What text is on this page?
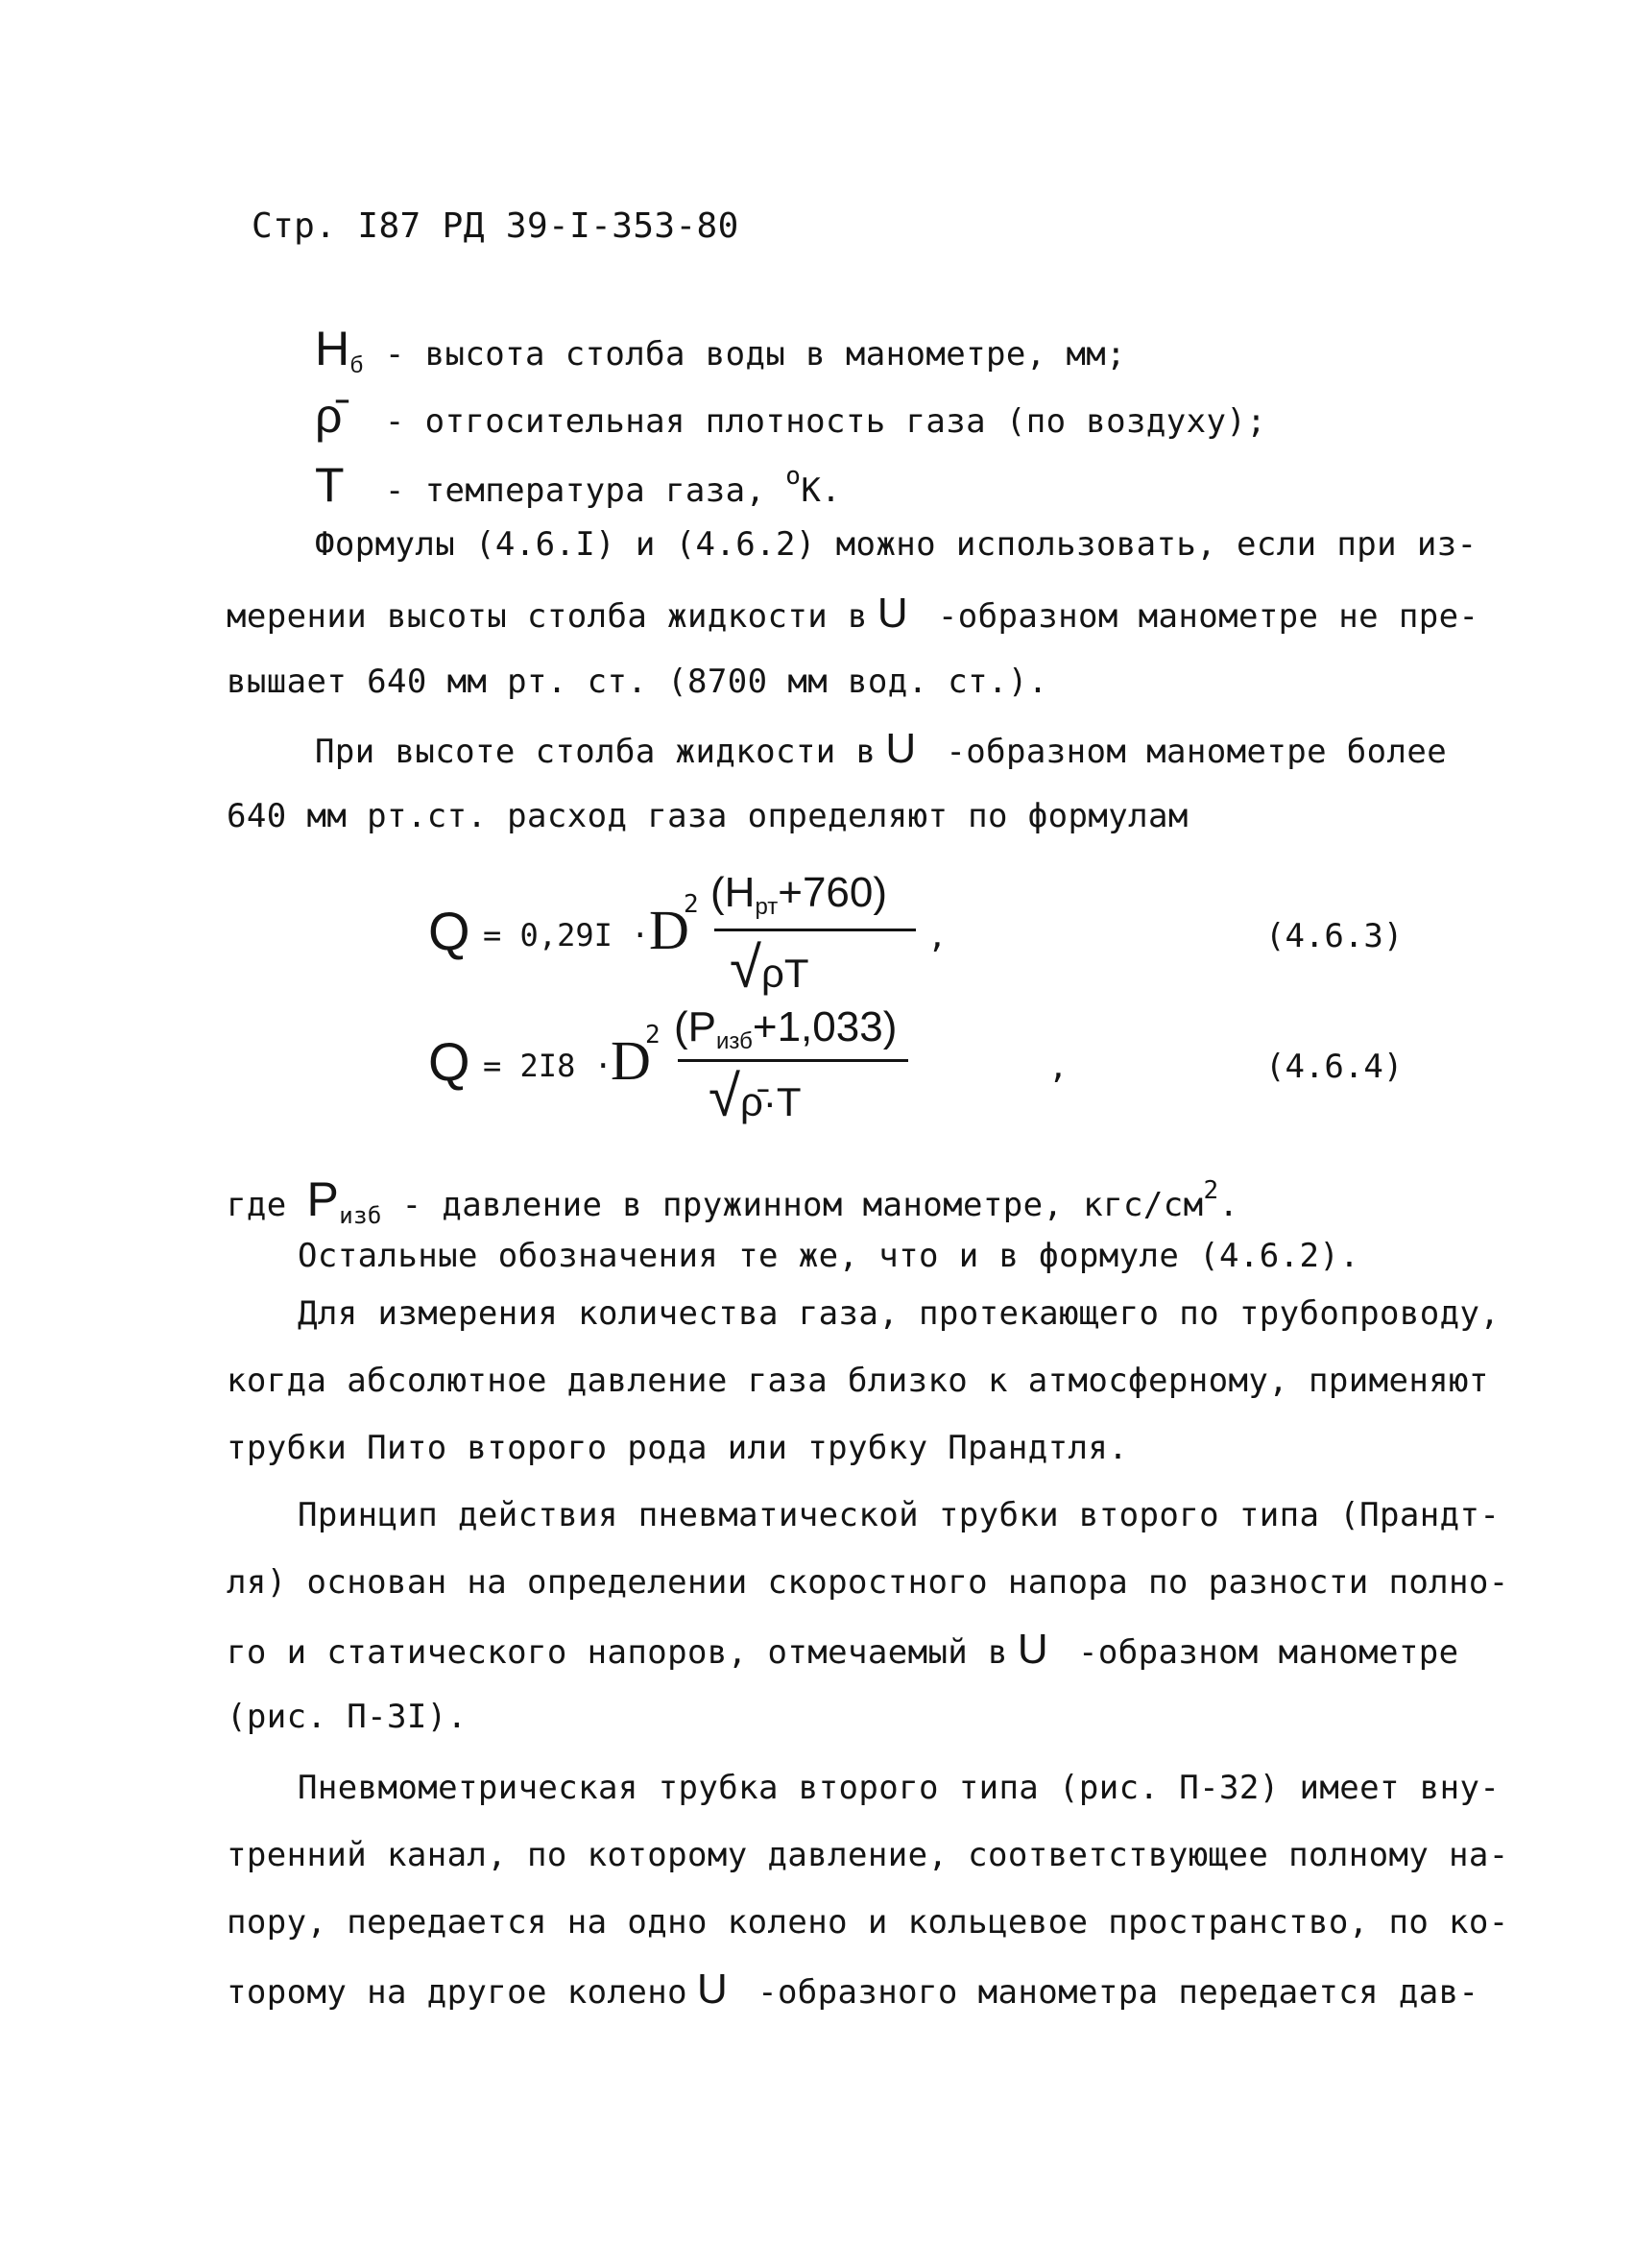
Стр. I87 РД 39-I-353-80
$H_б$ - высота столба воды в манометре, мм;
ρ̄ - отгосительная плотность газа (по воздуху);
T - температура газа, $^о$К.
Формулы (4.6.I) и (4.6.2) можно использовать, если при из-
мерении высоты столба жидкости в U -образном манометре не пре-
вышает 640 мм рт. ст. (8700 мм вод. ст.).
При высоте столба жидкости в U -образном манометре более
640 мм рт.ст. расход газа определяют по формулам
Q = 0,29I · D
2 $(H_{рт}+760)$
√ρT
,	(4.6.3)
Q = 2I8 ·
D
2 $(P_{изб}+1,033)$
√ρ̄·T
,	(4.6.4)
где $P_{изб}$ - давление в пружинном манометре, кгс/$см^2$.
Остальные обозначения те же, что и в формуле (4.6.2).
Для измерения количества газа, протекающего по трубопроводу,
когда абсолютное давление газа близко к атмосферному, применяют
трубки Пито второго рода или трубку Прандтля.
Принцип действия пневматической трубки второго типа (Прандт-
ля) основан на определении скоростного напора по разности полно-
го и статического напоров, отмечаемый в U -образном манометре
(рис. П-3I).
Пневмометрическая трубка второго типа (рис. П-32) имеет вну-
тренний канал, по которому давление, соответствующее полному на-
пору, передается на одно колено и кольцевое пространство, по ко-
торому на другое колено U -образного манометра передается дав-
